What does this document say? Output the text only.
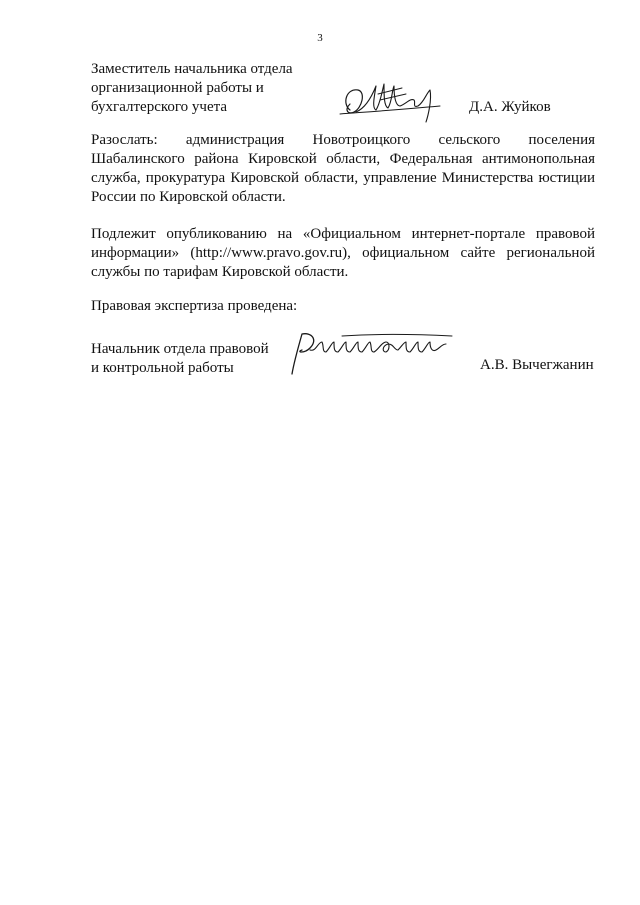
3
Заместитель начальника отдела
организационной работы и
бухгалтерского учета	Д.А. Жуйков
Разослать: администрация Новотроицкого сельского поселения
Шабалинского района Кировской области, Федеральная антимонопольная
служба, прокуратура Кировской области, управление Министерства юстиции
России по Кировской области.
Подлежит опубликованию на «Официальном интернет-портале правовой
информации» (http://www.pravo.gov.ru), официальном сайте региональной
службы по тарифам Кировской области.
Правовая экспертиза проведена:
Начальник отдела правовой
и контрольной работы	А.В. Вычегжанин
